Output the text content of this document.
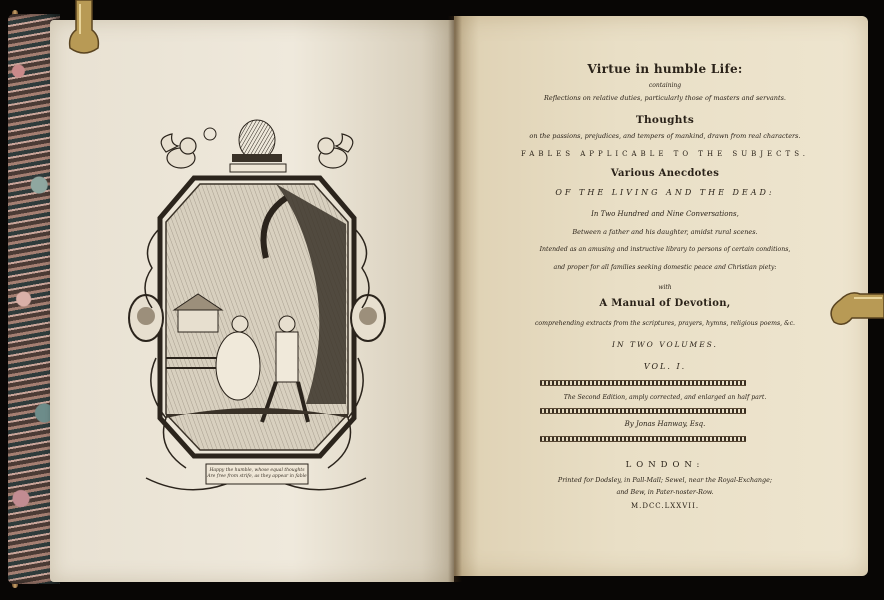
Happy the humble, whose equal thoughts Are free from strife, as they appear in fable
Virtue in humble Life:
containing
Reflections on relative duties, particularly those of masters and servants.
Thoughts
on the passions, prejudices, and tempers of mankind, drawn from real characters.
FABLES APPLICABLE TO THE SUBJECTS.
Various Anecdotes
OF THE LIVING AND THE DEAD:
In Two Hundred and Nine Conversations,
Between a father and his daughter, amidst rural scenes.
Intended as an amusing and instructive library to persons of certain conditions,
and proper for all families seeking domestic peace and Christian piety:
with
A Manual of Devotion,
comprehending extracts from the scriptures, prayers, hymns, religious poems, &c.
IN TWO VOLUMES.
VOL. I.
The Second Edition, amply corrected, and enlarged an half part.
By Jonas Hanway, Esq.
LONDON:
Printed for Dodsley, in Pall-Mall; Sewel, near the Royal-Exchange;
and Bew, in Pater-noster-Row.
M.DCC.LXXVII.
